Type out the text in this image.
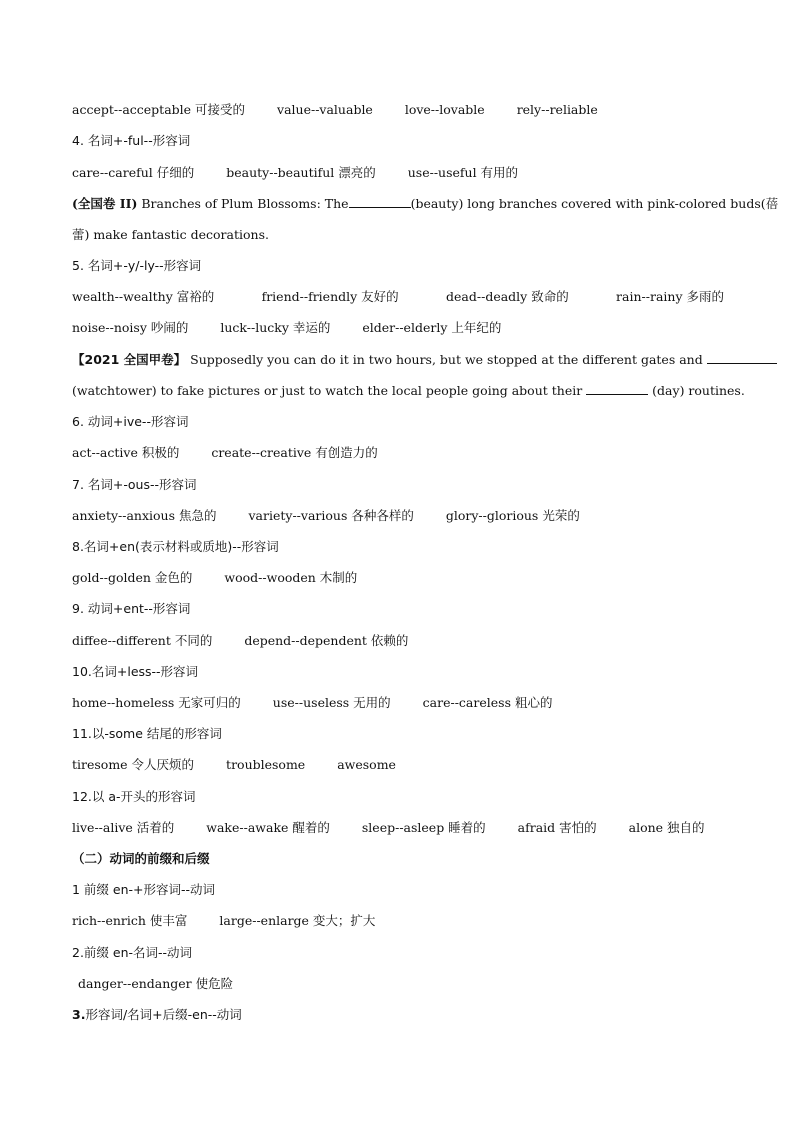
accept--acceptable 可接受的	value--valuable	love--lovable	rely--reliable
4. 名词+-ful--形容词
care--careful 仔细的	beauty--beautiful 漂亮的	use--useful 有用的
(全国卷 II) Branches of Plum Blossoms: The	(beauty) long branches covered with pink-colored buds(蓓
蕾) make fantastic decorations.
5. 名词+-y/-ly--形容词
wealth--wealthy 富裕的	friend--friendly 友好的	dead--deadly 致命的	rain--rainy 多雨的
noise--noisy 吵闹的	luck--lucky 幸运的	elder--elderly 上年纪的
【2021 全国甲卷】 Supposedly you can do it in two hours, but we stopped at the different gates and
(watchtower) to fake pictures or just to watch the local people going about their	(day) routines.
6. 动词+ive--形容词
act--active 积极的	create--creative 有创造力的
7. 名词+-ous--形容词
anxiety--anxious 焦急的	variety--various 各种各样的	glory--glorious 光荣的
8.名词+en(表示材料或质地)--形容词
gold--golden 金色的	wood--wooden 木制的
9. 动词+ent--形容词
diffee--different 不同的	depend--dependent 依赖的
10.名词+less--形容词
home--homeless 无家可归的	use--useless 无用的	care--careless 粗心的
11.以-some 结尾的形容词
tiresome 令人厌烦的	troublesome	awesome
12.以 a-开头的形容词
live--alive 活着的	wake--awake 醒着的	sleep--asleep 睡着的	afraid 害怕的	alone 独自的
（二）动词的前缀和后缀
1 前缀 en-+形容词--动词
rich--enrich 使丰富	large--enlarge 变大；扩大
2.前缀 en-名词--动词
danger--endanger 使危险
3.形容词/名词+后缀-en--动词
